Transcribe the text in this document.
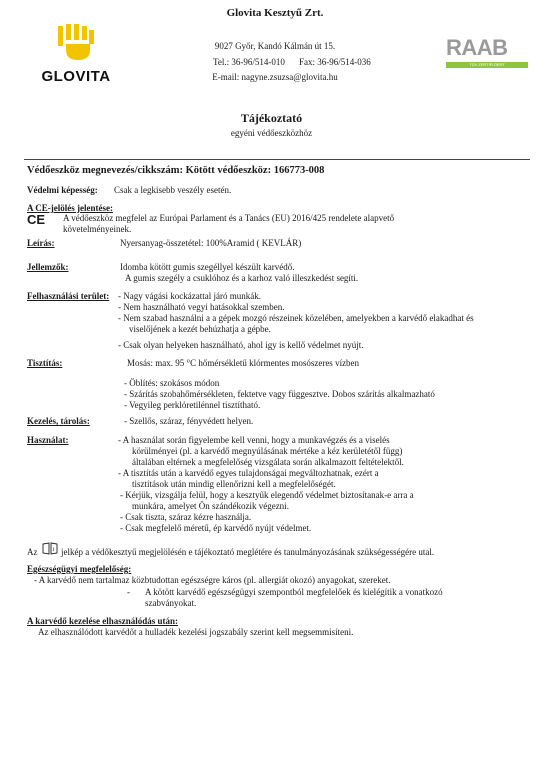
GLOVITA
Glovita Kesztyű Zrt.
9027 Győr, Kandó Kálmán út 15.
Tel.: 36-96/514-010 Fax: 36-96/514-036
E-mail: nagyne.zsuzsa@glovita.hu
RAAB
TÜV ZERTIFIZIERT
Tájékoztató
egyéni védőeszközhöz
Védőeszköz megnevezés/cikkszám: Kötött védőeszköz: 166773-008
Védelmi képesség: Csak a legkisebb veszély esetén.
A CE-jelölés jelentése:
CE A védőeszköz megfelel az Európai Parlament és a Tanács (EU) 2016/425 rendelete alapvető
követelményeinek.
Leírás:	Nyersanyag-összetétel: 100%Aramid ( KEVLÁR)
Jellemzők:	Idomba kötött gumis szegéllyel készült karvédő.
A gumis szegély a csuklóhoz és a karhoz való illeszkedést segíti.
Felhasználási terület: - Nagy vágási kockázattal járó munkák.
- Nem használható vegyi hatásokkal szemben.
- Nem szabad használni a a gépek mozgó részeinek közelében, amelyekben a karvédő elakadhat és
viselőjének a kezét behúzhatja a gépbe.
- Csak olyan helyeken használható, ahol igy is kellő védelmet nyújt.
Tisztítás:	Mosás: max. 95 °C hőmérsékletű klórmentes mosószeres vízben
- Öblítés: szokásos módon
- Szárítás szobahőmérsékleten, fektetve vagy függesztve. Dobos szárítás alkalmazható
- Vegyileg perklóretilénnel tisztítható.
Kezelés, tárolás:	- Szellős, száraz, fényvédett helyen.
Használat:	- A használat során figyelembe kell venni, hogy a munkavégzés és a viselés
körülményei (pl. a karvédő megnyúlásának mértéke a kéz kerületétől függ)
általában eltérnek a megfelelőség vizsgálata során alkalmazott feltételektől.
- A tisztítás után a karvédő egyes tulajdonságai megváltozhatnak, ezért a
tisztítások után mindig ellenőrizni kell a megfelelőségét.
- Kérjük, vizsgálja felül, hogy a kesztyűk elegendő védelmet biztosítanak-e arra a
munkára, amelyet Ön szándékozik végezni.
- Csak tiszta, száraz kézre használja.
- Csak megfelelő méretű, ép karvédő nyújt védelmet.
Az	i jelkép a védőkesztyű megjelölésén e tájékoztató meglétére és tanulmányozásának szükségességére utal.
Egészségügyi megfelelőség:
- A karvédő nem tartalmaz közbtudottan egészségre káros (pl. allergiát okozó) anyagokat, szereket.
- A kötött karvédő egészségügyi szempontból megfelelőek és kielégítik a vonatkozó
szabványokat.
A karvédő kezelése elhasználódás után:
Az elhasználódott karvédőt a hulladék kezelési jogszabály szerint kell megsemmisíteni.
